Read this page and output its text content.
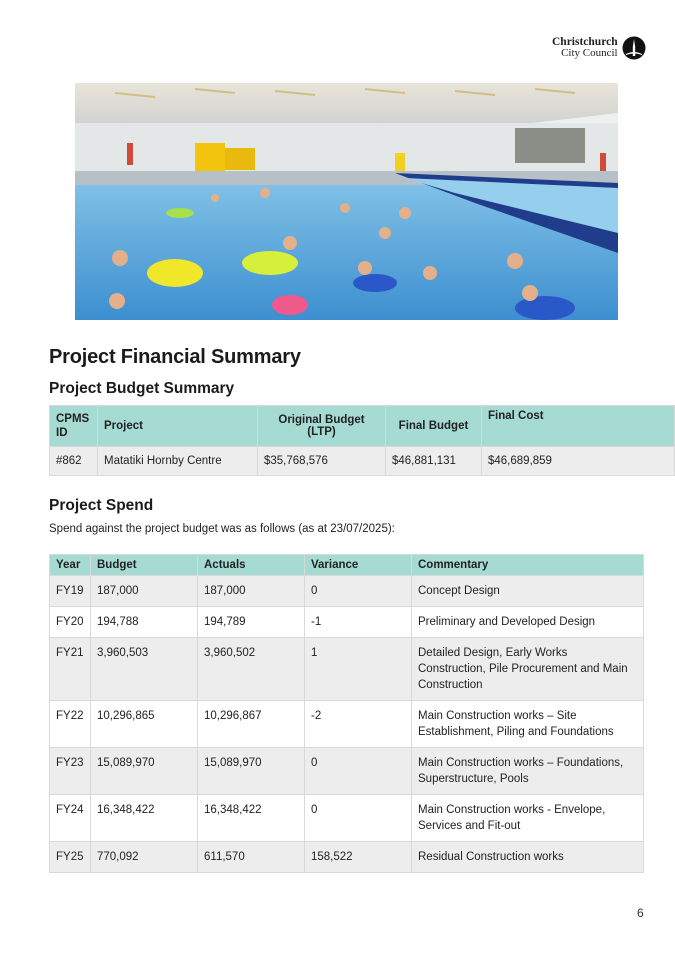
Christchurch
City Council
Project Financial Summary
Project Budget Summary
CPMS ID	Project	Original Budget (LTP)	Final Budget	Final Cost
#862	Matatiki Hornby Centre	$35,768,576	$46,881,131	$46,689,859
Project Spend
Spend against the project budget was as follows (as at 23/07/2025):
Year	Budget	Actuals	Variance	Commentary
FY19	187,000	187,000	0	Concept Design
FY20	194,788	194,789	-1	Preliminary and Developed Design
FY21	3,960,503	3,960,502	1	Detailed Design, Early Works Construction, Pile Procurement and Main Construction
FY22	10,296,865	10,296,867	-2	Main Construction works – Site Establishment, Piling and Foundations
FY23	15,089,970	15,089,970	0	Main Construction works – Foundations, Superstructure, Pools
FY24	16,348,422	16,348,422	0	Main Construction works - Envelope, Services and Fit-out
FY25	770,092	611,570	158,522	Residual Construction works
6
